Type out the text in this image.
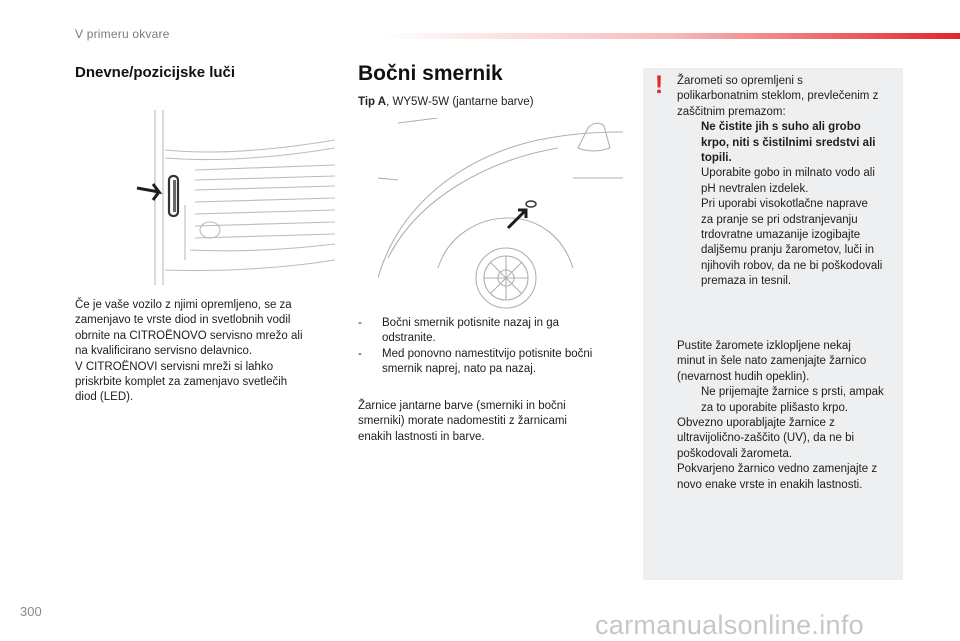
V primeru okvare
Dnevne/pozicijske luči
Če je vaše vozilo z njimi opremljeno, se za
zamenjavo te vrste diod in svetlobnih vodil
obrnite na CITROËNOVO servisno mrežo ali
na kvalificirano servisno delavnico.
V CITROËNOVI servisni mreži si lahko
priskrbite komplet za zamenjavo svetlečih
diod (LED).
Bočni smernik
Tip A, WY5W-5W (jantarne barve)
- Bočni smernik potisnite nazaj in ga
odstranite.
- Med ponovno namestitvijo potisnite bočni
smernik naprej, nato pa nazaj.
Žarnice jantarne barve (smerniki in bočni
smerniki) morate nadomestiti z žarnicami
enakih lastnosti in barve.
!	Žarometi so opremljeni s
polikarbonatnim steklom, prevlečenim z
zaščitnim premazom:
Ne čistite jih s suho ali grobo
krpo, niti s čistilnimi sredstvi ali
topili.
Uporabite gobo in milnato vodo ali
pH nevtralen izdelek.
Pri uporabi visokotlačne naprave
za pranje se pri odstranjevanju
trdovratne umazanije izogibajte
daljšemu pranju žarometov, luči in
njihovih robov, da ne bi poškodovali
premaza in tesnil.
Pustite žaromete izklopljene nekaj
minut in šele nato zamenjajte žarnico
(nevarnost hudih opeklin).
Ne prijemajte žarnice s prsti, ampak
za to uporabite plišasto krpo.
Obvezno uporabljajte žarnice z
ultravijolično-zaščito (UV), da ne bi
poškodovali žarometa.
Pokvarjeno žarnico vedno zamenjajte z
novo enake vrste in enakih lastnosti.
300	carmanualsonline.info
